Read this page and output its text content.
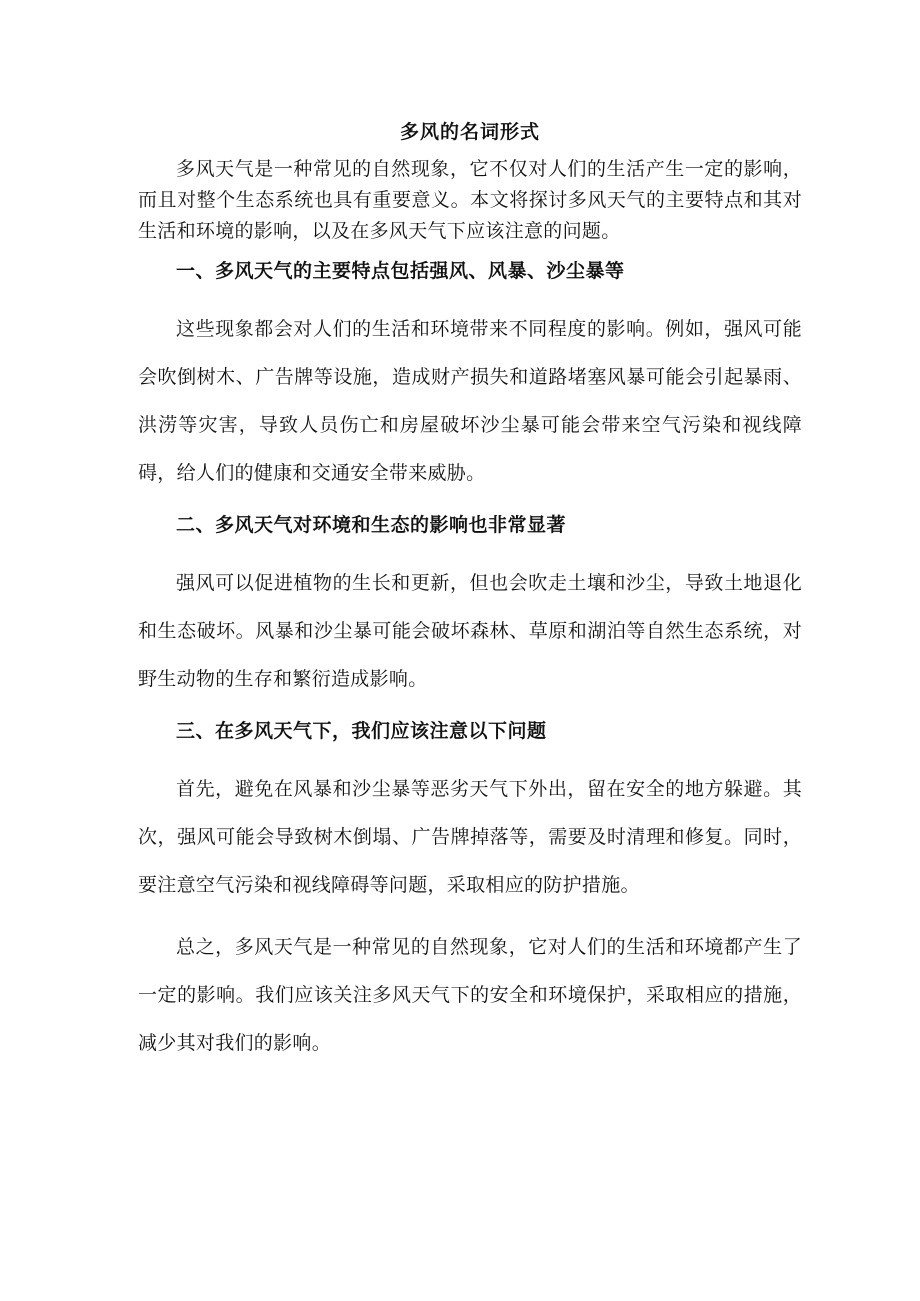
多风的名词形式

多风天气是一种常见的自然现象，它不仅对人们的生活产生一定的影响，而且对整个生态系统也具有重要意义。本文将探讨多风天气的主要特点和其对生活和环境的影响，以及在多风天气下应该注意的问题。

一、多风天气的主要特点包括强风、风暴、沙尘暴等

这些现象都会对人们的生活和环境带来不同程度的影响。例如，强风可能会吹倒树木、广告牌等设施，造成财产损失和道路堵塞风暴可能会引起暴雨、洪涝等灾害，导致人员伤亡和房屋破坏沙尘暴可能会带来空气污染和视线障碍，给人们的健康和交通安全带来威胁。

二、多风天气对环境和生态的影响也非常显著

强风可以促进植物的生长和更新，但也会吹走土壤和沙尘，导致土地退化和生态破坏。风暴和沙尘暴可能会破坏森林、草原和湖泊等自然生态系统，对野生动物的生存和繁衍造成影响。

三、在多风天气下，我们应该注意以下问题

首先，避免在风暴和沙尘暴等恶劣天气下外出，留在安全的地方躲避。其次，强风可能会导致树木倒塌、广告牌掉落等，需要及时清理和修复。同时，要注意空气污染和视线障碍等问题，采取相应的防护措施。

总之，多风天气是一种常见的自然现象，它对人们的生活和环境都产生了一定的影响。我们应该关注多风天气下的安全和环境保护，采取相应的措施，减少其对我们的影响。
